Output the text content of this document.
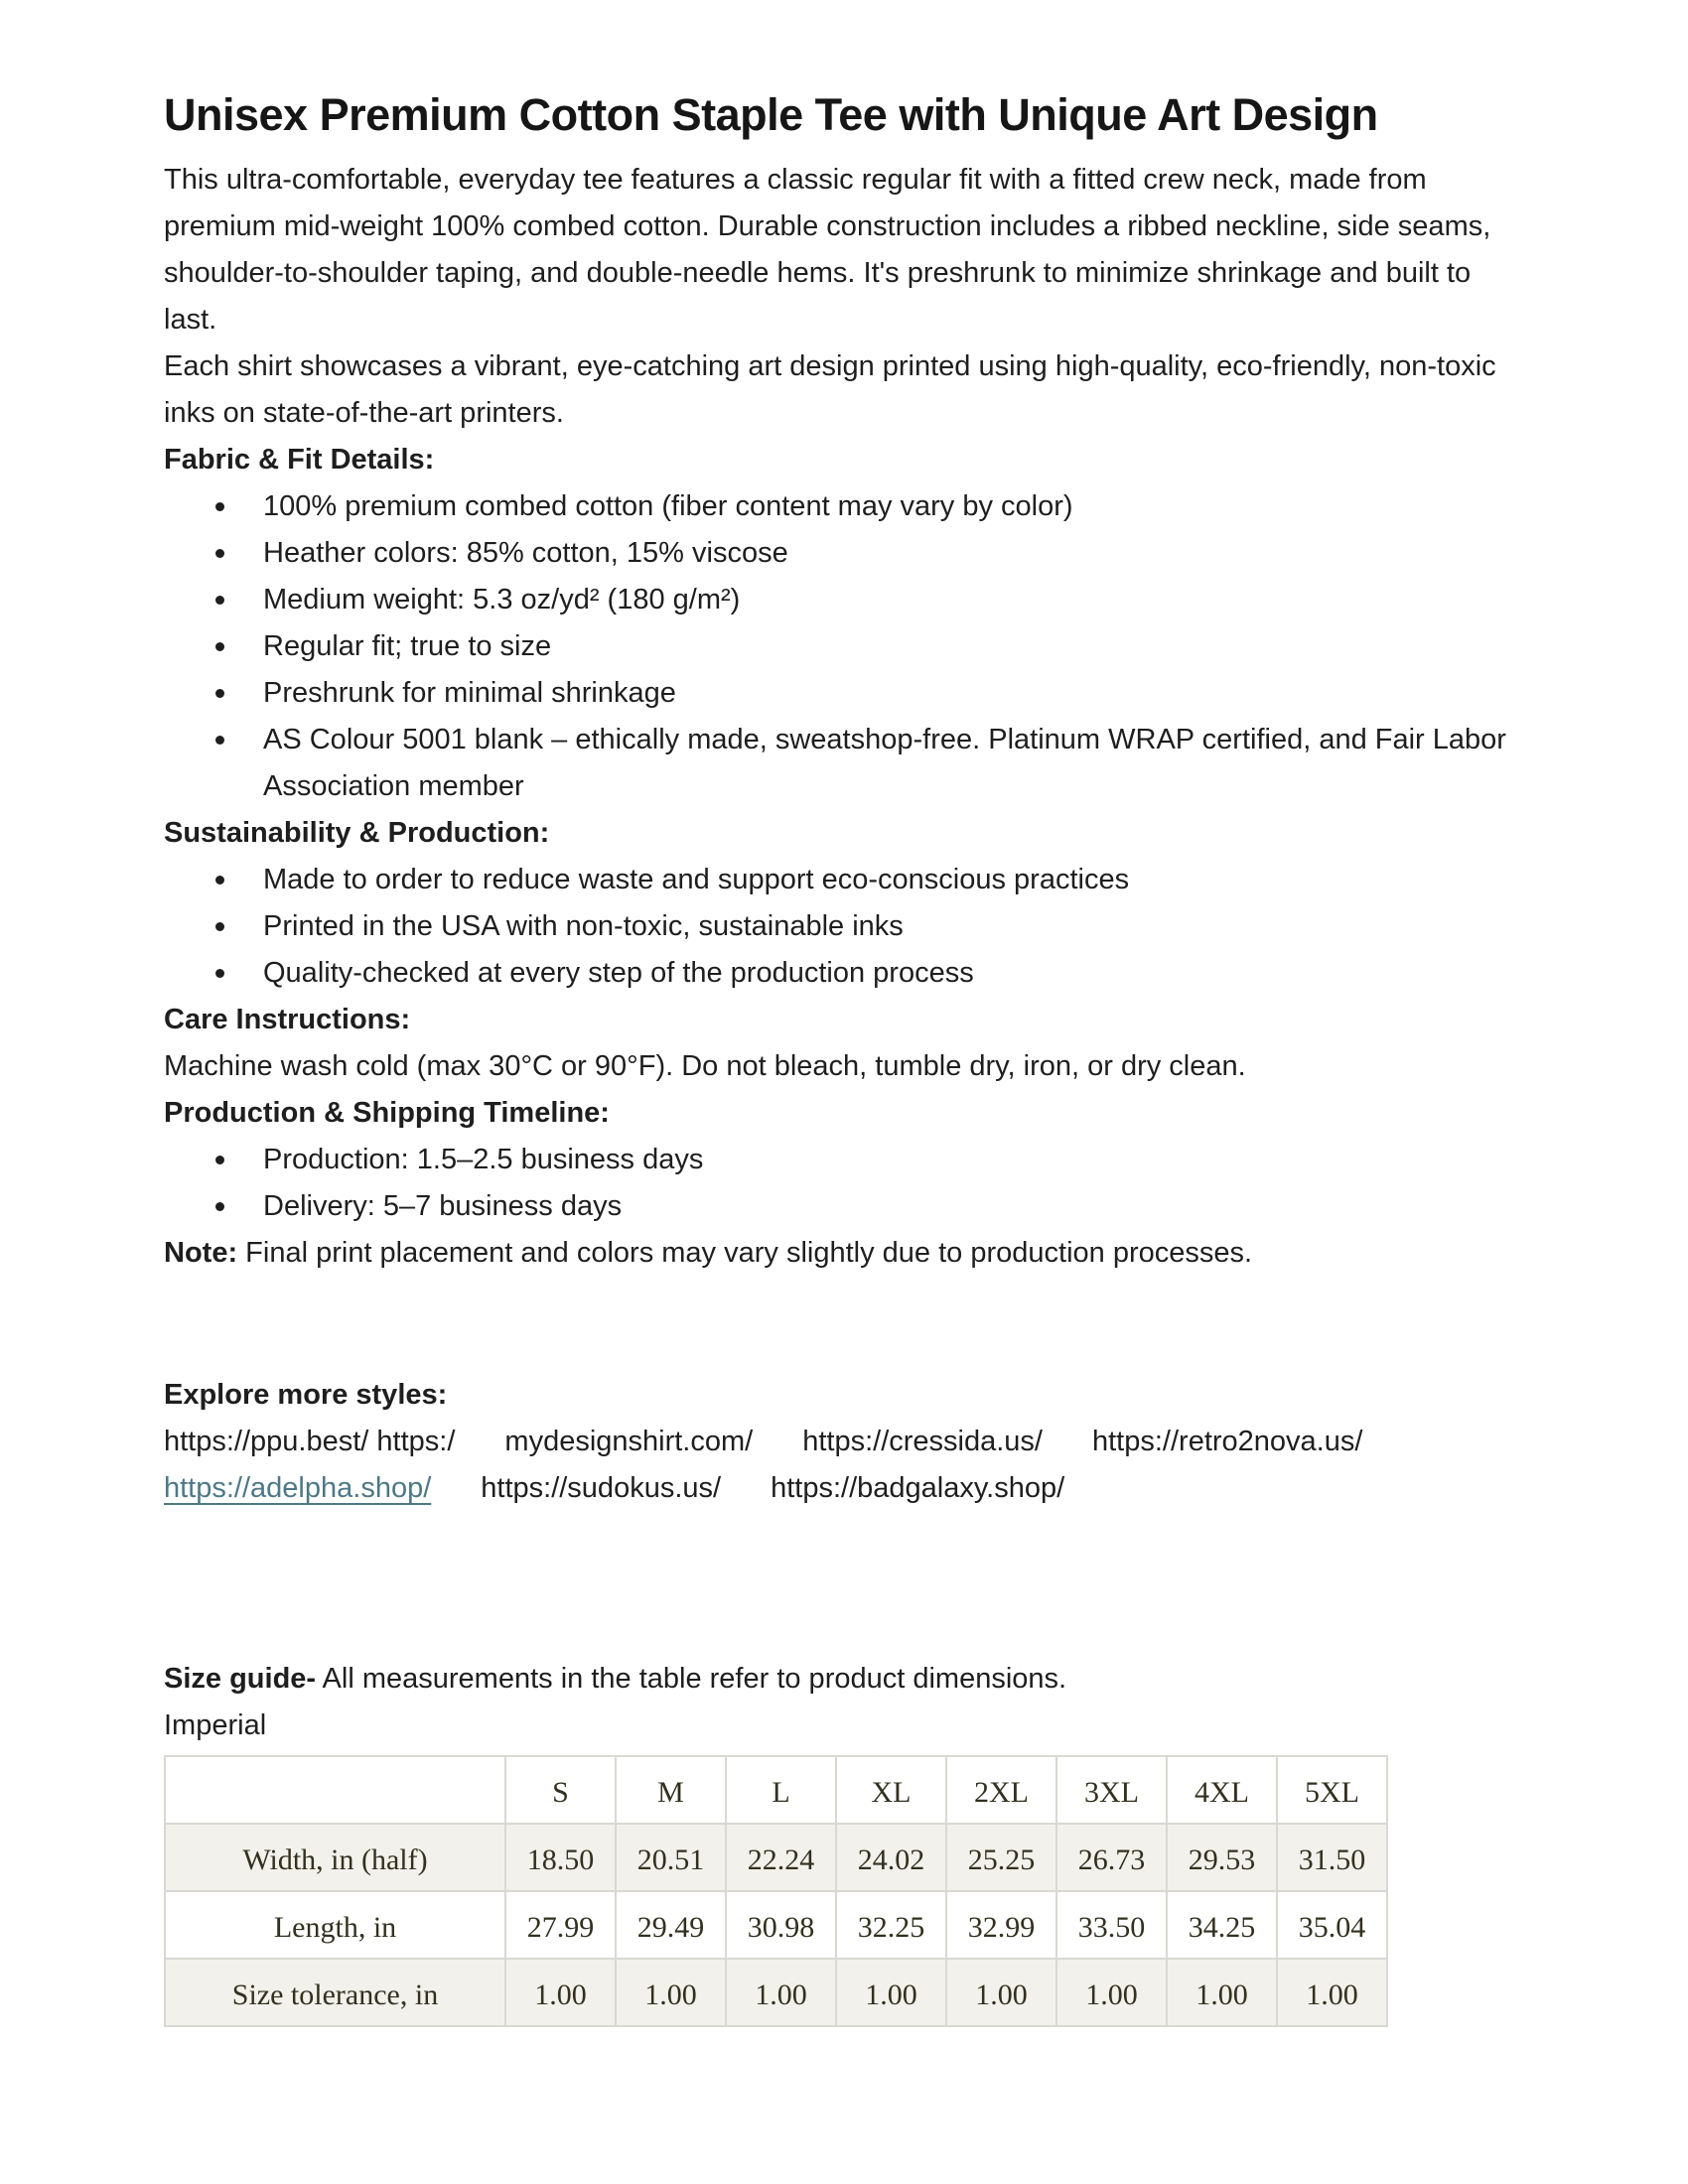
Unisex Premium Cotton Staple Tee with Unique Art Design

This ultra-comfortable, everyday tee features a classic regular fit with a fitted crew neck, made from premium mid-weight 100% combed cotton. Durable construction includes a ribbed neckline, side seams, shoulder-to-shoulder taping, and double-needle hems. It's preshrunk to minimize shrinkage and built to last.

Each shirt showcases a vibrant, eye-catching art design printed using high-quality, eco-friendly, non-toxic inks on state-of-the-art printers.

Fabric & Fit Details:

100% premium combed cotton (fiber content may vary by color)
Heather colors: 85% cotton, 15% viscose
Medium weight: 5.3 oz/yd² (180 g/m²)
Regular fit; true to size
Preshrunk for minimal shrinkage
AS Colour 5001 blank – ethically made, sweatshop-free. Platinum WRAP certified, and Fair Labor Association member

Sustainability & Production:

Made to order to reduce waste and support eco-conscious practices
Printed in the USA with non-toxic, sustainable inks
Quality-checked at every step of the production process

Care Instructions:

Machine wash cold (max 30°C or 90°F). Do not bleach, tumble dry, iron, or dry clean.

Production & Shipping Timeline:

Production: 1.5–2.5 business days
Delivery: 5–7 business days

Note: Final print placement and colors may vary slightly due to production processes.

Explore more styles:

https://ppu.best/ https:/ mydesignshirt.com/ https://cressida.us/ https://retro2nova.us/

https://adelpha.shop/ https://sudokus.us/ https://badgalaxy.shop/

Size guide- All measurements in the table refer to product dimensions.

Imperial

	S	M	L	XL	2XL	3XL	4XL	5XL
Width, in (half)	18.50	20.51	22.24	24.02	25.25	26.73	29.53	31.50
Length, in	27.99	29.49	30.98	32.25	32.99	33.50	34.25	35.04
Size tolerance, in	1.00	1.00	1.00	1.00	1.00	1.00	1.00	1.00
